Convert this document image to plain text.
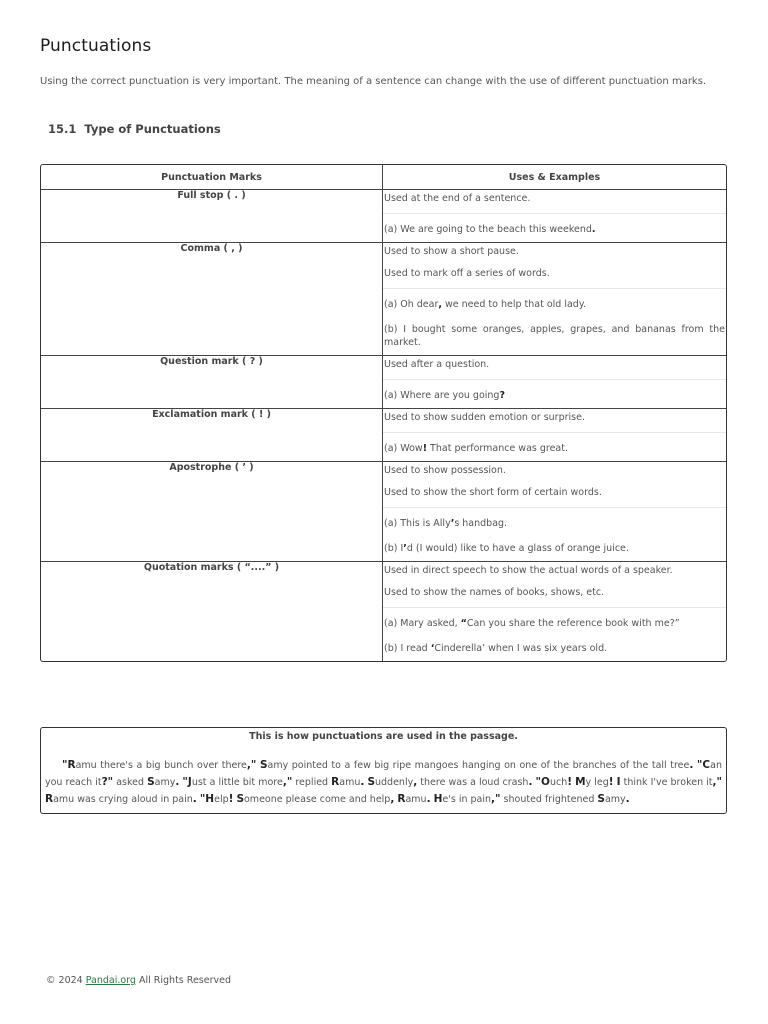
Punctuations

Using the correct punctuation is very important. The meaning of a sentence can change with the use of different punctuation marks.

15.1 Type of Punctuations
Punctuation Marks	Uses & Examples
Full stop ( . )	Used at the end of a sentence.
(a) We are going to the beach this weekend.

Comma ( , )	Used to show a short pause.
Used to mark off a series of words.
(a) Oh dear, we need to help that old lady.
(b) I bought some oranges, apples, grapes, and bananas from the market.

Question mark ( ? )	Used after a question.
(a) Where are you going?

Exclamation mark ( ! )	Used to show sudden emotion or surprise.
(a) Wow! That performance was great.

Apostrophe ( ’ )	Used to show possession.
Used to show the short form of certain words.
(a) This is Ally’s handbag.
(b) I’d (I would) like to have a glass of orange juice.

Quotation marks ( “....” )	Used in direct speech to show the actual words of a speaker.
Used to show the names of books, shows, etc.
(a) Mary asked, “Can you share the reference book with me?”
(b) I read ‘Cinderella’ when I was six years old.
This is how punctuations are used in the passage.
"Ramu there's a big bunch over there," Samy pointed to a few big ripe mangoes hanging on one of the branches of the tall tree. "Can you reach it?" asked Samy. "Just a little bit more," replied Ramu. Suddenly, there was a loud crash. "Ouch! My leg! I think I've broken it," Ramu was crying aloud in pain. "Help! Someone please come and help, Ramu. He's in pain," shouted frightened Samy.
© 2024 Pandai.org All Rights Reserved
